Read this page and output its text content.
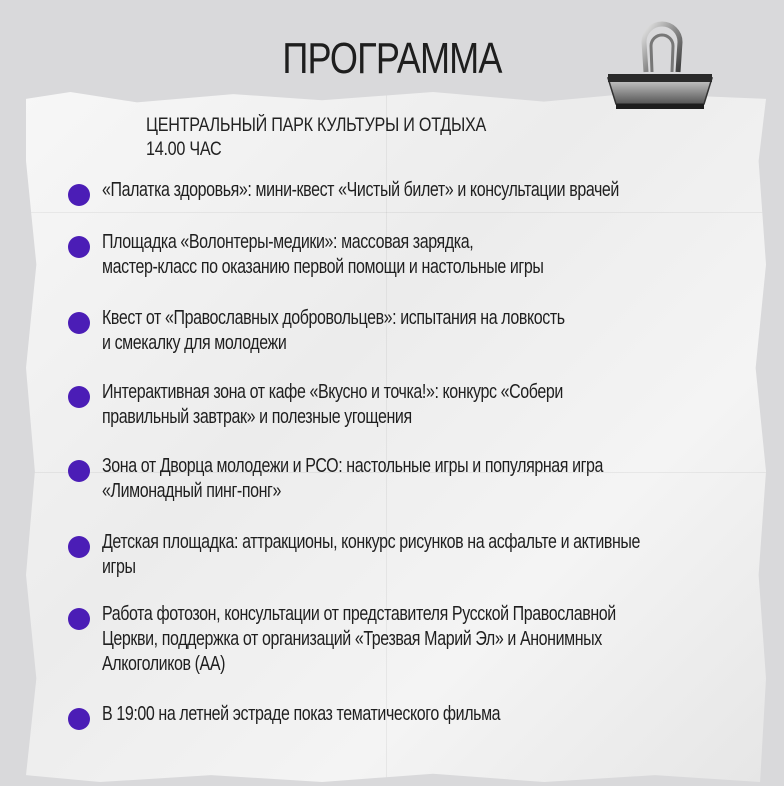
ПРОГРАММА
ЦЕНТРАЛЬНЫЙ ПАРК КУЛЬТУРЫ И ОТДЫХА
14.00 ЧАС
«Палатка здоровья»: мини-квест «Чистый билет» и консультации врачей
Площадка «Волонтеры-медики»: массовая зарядка,
мастер-класс по оказанию первой помощи и настольные игры
Квест от «Православных добровольцев»: испытания на ловкость
и смекалку для молодежи
Интерактивная зона от кафе «Вкусно и точка!»: конкурс «Собери
правильный завтрак» и полезные угощения
Зона от Дворца молодежи и РСО: настольные игры и популярная игра
«Лимонадный пинг-понг»
Детская площадка: аттракционы, конкурс рисунков на асфальте и активные
игры
Работа фотозон, консультации от представителя Русской Православной
Церкви, поддержка от организаций «Трезвая Марий Эл» и Анонимных
Алкоголиков (АА)
В 19:00 на летней эстраде показ тематического фильма
